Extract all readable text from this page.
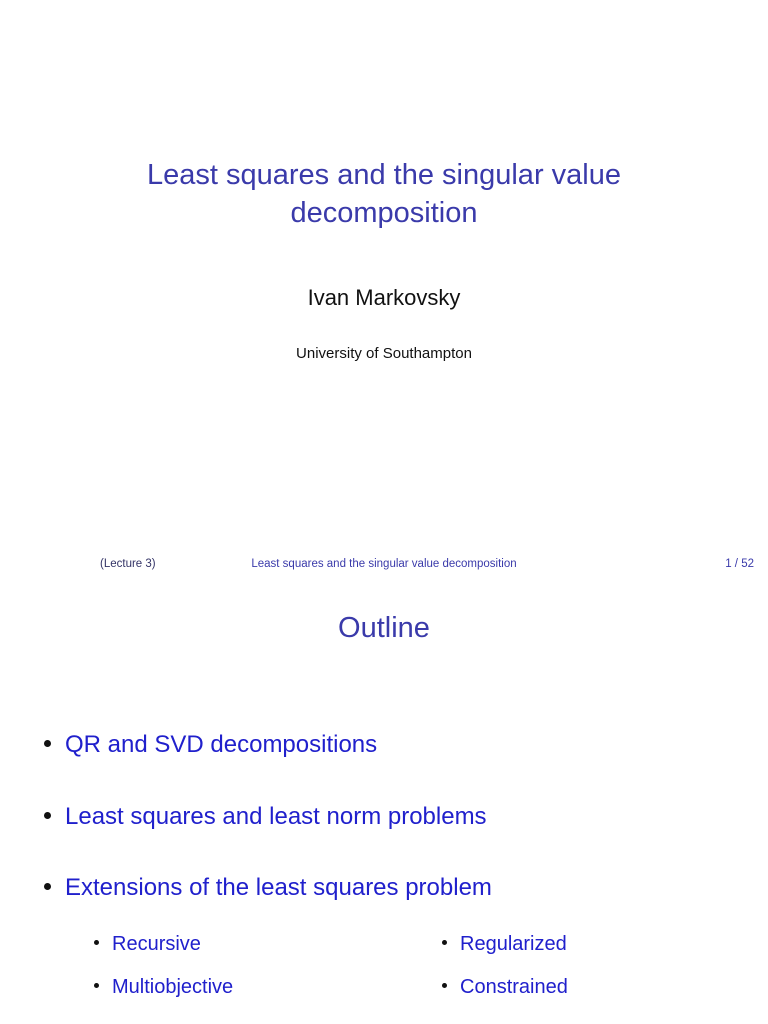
Least squares and the singular value
decomposition
Ivan Markovsky
University of Southampton
(Lecture 3)	Least squares and the singular value decomposition	1 / 52
Outline
QR and SVD decompositions
Least squares and least norm problems
Extensions of the least squares problem
Recursive
Multiobjective
Regularized
Constrained
